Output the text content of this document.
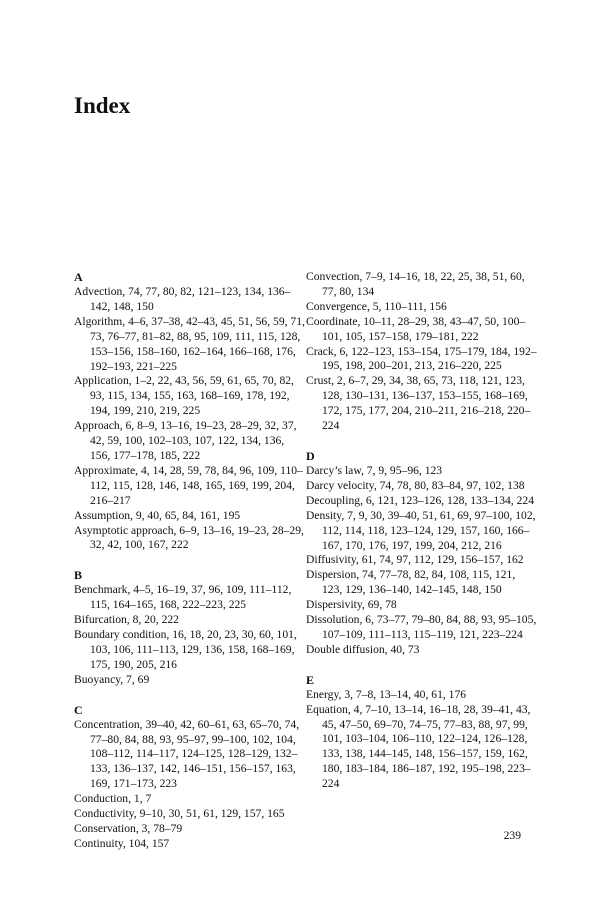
Index
A

Advection, 74, 77, 80, 82, 121–123, 134, 136–142, 148, 150

Algorithm, 4–6, 37–38, 42–43, 45, 51, 56, 59, 71, 73, 76–77, 81–82, 88, 95, 109, 111, 115, 128, 153–156, 158–160, 162–164, 166–168, 176, 192–193, 221–225

Application, 1–2, 22, 43, 56, 59, 61, 65, 70, 82, 93, 115, 134, 155, 163, 168–169, 178, 192, 194, 199, 210, 219, 225

Approach, 6, 8–9, 13–16, 19–23, 28–29, 32, 37, 42, 59, 100, 102–103, 107, 122, 134, 136, 156, 177–178, 185, 222

Approximate, 4, 14, 28, 59, 78, 84, 96, 109, 110–112, 115, 128, 146, 148, 165, 169, 199, 204, 216–217

Assumption, 9, 40, 65, 84, 161, 195

Asymptotic approach, 6–9, 13–16, 19–23, 28–29, 32, 42, 100, 167, 222

B

Benchmark, 4–5, 16–19, 37, 96, 109, 111–112, 115, 164–165, 168, 222–223, 225

Bifurcation, 8, 20, 222

Boundary condition, 16, 18, 20, 23, 30, 60, 101, 103, 106, 111–113, 129, 136, 158, 168–169, 175, 190, 205, 216

Buoyancy, 7, 69

C

Concentration, 39–40, 42, 60–61, 63, 65–70, 74, 77–80, 84, 88, 93, 95–97, 99–100, 102, 104, 108–112, 114–117, 124–125, 128–129, 132–133, 136–137, 142, 146–151, 156–157, 163, 169, 171–173, 223

Conduction, 1, 7

Conductivity, 9–10, 30, 51, 61, 129, 157, 165

Conservation, 3, 78–79

Continuity, 104, 157

Convection, 7–9, 14–16, 18, 22, 25, 38, 51, 60, 77, 80, 134

Convergence, 5, 110–111, 156

Coordinate, 10–11, 28–29, 38, 43–47, 50, 100–101, 105, 157–158, 179–181, 222

Crack, 6, 122–123, 153–154, 175–179, 184, 192–195, 198, 200–201, 213, 216–220, 225

Crust, 2, 6–7, 29, 34, 38, 65, 73, 118, 121, 123, 128, 130–131, 136–137, 153–155, 168–169, 172, 175, 177, 204, 210–211, 216–218, 220–224

D

Darcy’s law, 7, 9, 95–96, 123

Darcy velocity, 74, 78, 80, 83–84, 97, 102, 138

Decoupling, 6, 121, 123–126, 128, 133–134, 224

Density, 7, 9, 30, 39–40, 51, 61, 69, 97–100, 102, 112, 114, 118, 123–124, 129, 157, 160, 166–167, 170, 176, 197, 199, 204, 212, 216

Diffusivity, 61, 74, 97, 112, 129, 156–157, 162

Dispersion, 74, 77–78, 82, 84, 108, 115, 121, 123, 129, 136–140, 142–145, 148, 150

Dispersivity, 69, 78

Dissolution, 6, 73–77, 79–80, 84, 88, 93, 95–105, 107–109, 111–113, 115–119, 121, 223–224

Double diffusion, 40, 73

E

Energy, 3, 7–8, 13–14, 40, 61, 176

Equation, 4, 7–10, 13–14, 16–18, 28, 39–41, 43, 45, 47–50, 69–70, 74–75, 77–83, 88, 97, 99, 101, 103–104, 106–110, 122–124, 126–128, 133, 138, 144–145, 148, 156–157, 159, 162, 180, 183–184, 186–187, 192, 195–198, 223–224

239
